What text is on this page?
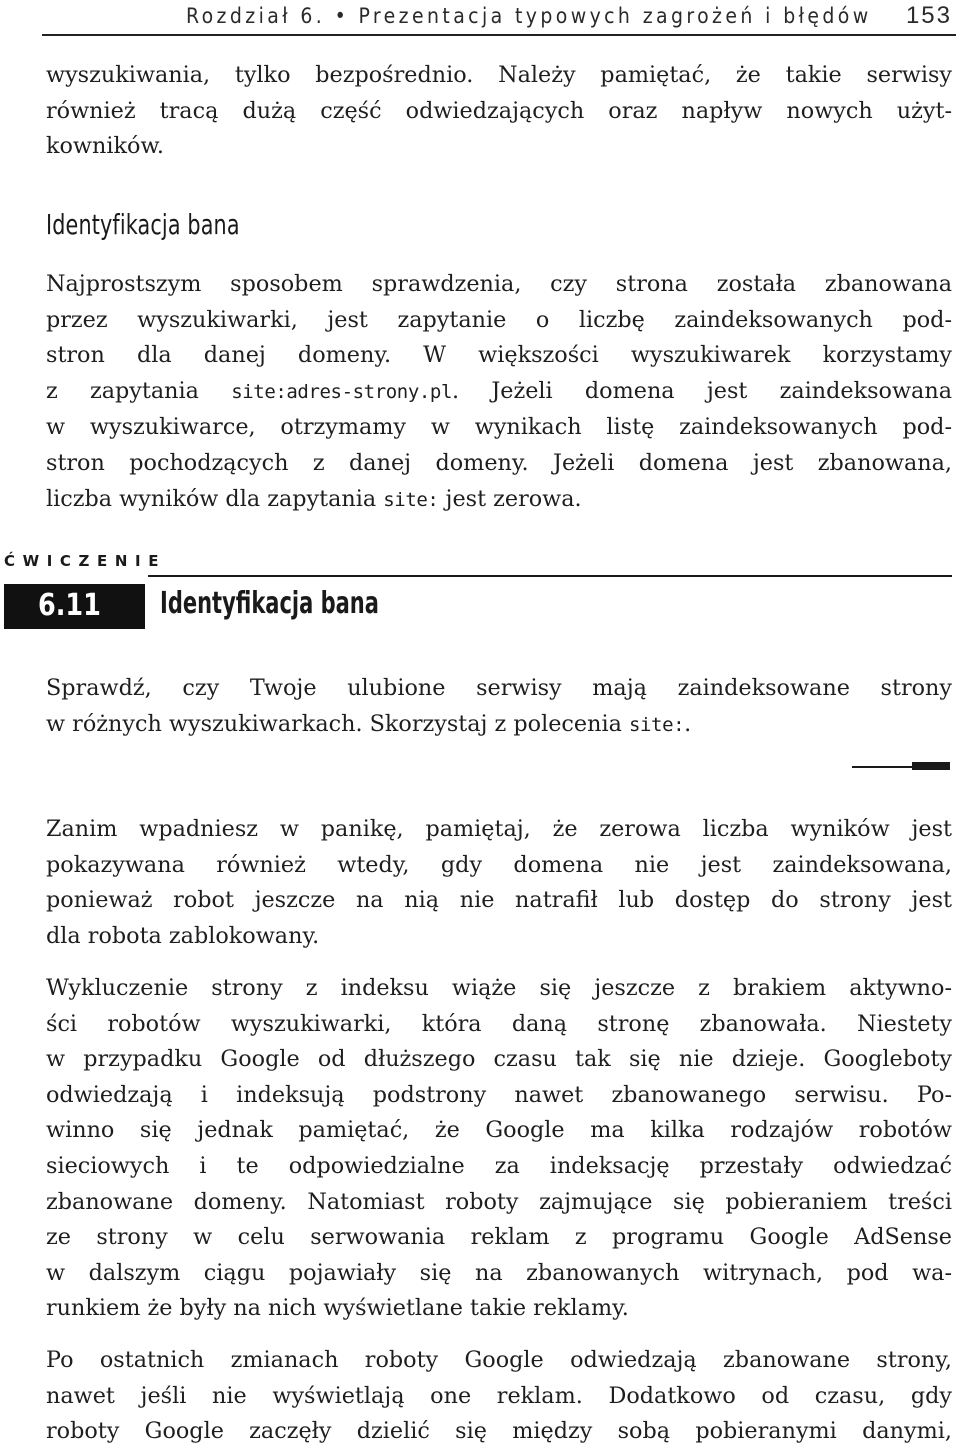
Rozdział 6. • Prezentacja typowych zagrożeń i błędów 153

wyszukiwania, tylko bezpośrednio. Należy pamiętać, że takie serwisy
również tracą dużą część odwiedzających oraz napływ nowych użyt-
kowników.

Identyfikacja bana

Najprostszym sposobem sprawdzenia, czy strona została zbanowana
przez wyszukiwarki, jest zapytanie o liczbę zaindeksowanych pod-
stron dla danej domeny. W większości wyszukiwarek korzystamy
z zapytania site:adres-strony.pl. Jeżeli domena jest zaindeksowana
w wyszukiwarce, otrzymamy w wynikach listę zaindeksowanych pod-
stron pochodzących z danej domeny. Jeżeli domena jest zbanowana,
liczba wyników dla zapytania site: jest zerowa.

ĆWICZENIE
6.11 Identyfikacja bana

Sprawdź, czy Twoje ulubione serwisy mają zaindeksowane strony
w różnych wyszukiwarkach. Skorzystaj z polecenia site:.

Zanim wpadniesz w panikę, pamiętaj, że zerowa liczba wyników jest
pokazywana również wtedy, gdy domena nie jest zaindeksowana,
ponieważ robot jeszcze na nią nie natrafił lub dostęp do strony jest
dla robota zablokowany.

Wykluczenie strony z indeksu wiąże się jeszcze z brakiem aktywno-
ści robotów wyszukiwarki, która daną stronę zbanowała. Niestety
w przypadku Google od dłuższego czasu tak się nie dzieje. Googleboty
odwiedzają i indeksują podstrony nawet zbanowanego serwisu. Po-
winno się jednak pamiętać, że Google ma kilka rodzajów robotów
sieciowych i te odpowiedzialne za indeksację przestały odwiedzać
zbanowane domeny. Natomiast roboty zajmujące się pobieraniem treści
ze strony w celu serwowania reklam z programu Google AdSense
w dalszym ciągu pojawiały się na zbanowanych witrynach, pod wa-
runkiem że były na nich wyświetlane takie reklamy.

Po ostatnich zmianach roboty Google odwiedzają zbanowane strony,
nawet jeśli nie wyświetlają one reklam. Dodatkowo od czasu, gdy
roboty Google zaczęły dzielić się między sobą pobieranymi danymi,
